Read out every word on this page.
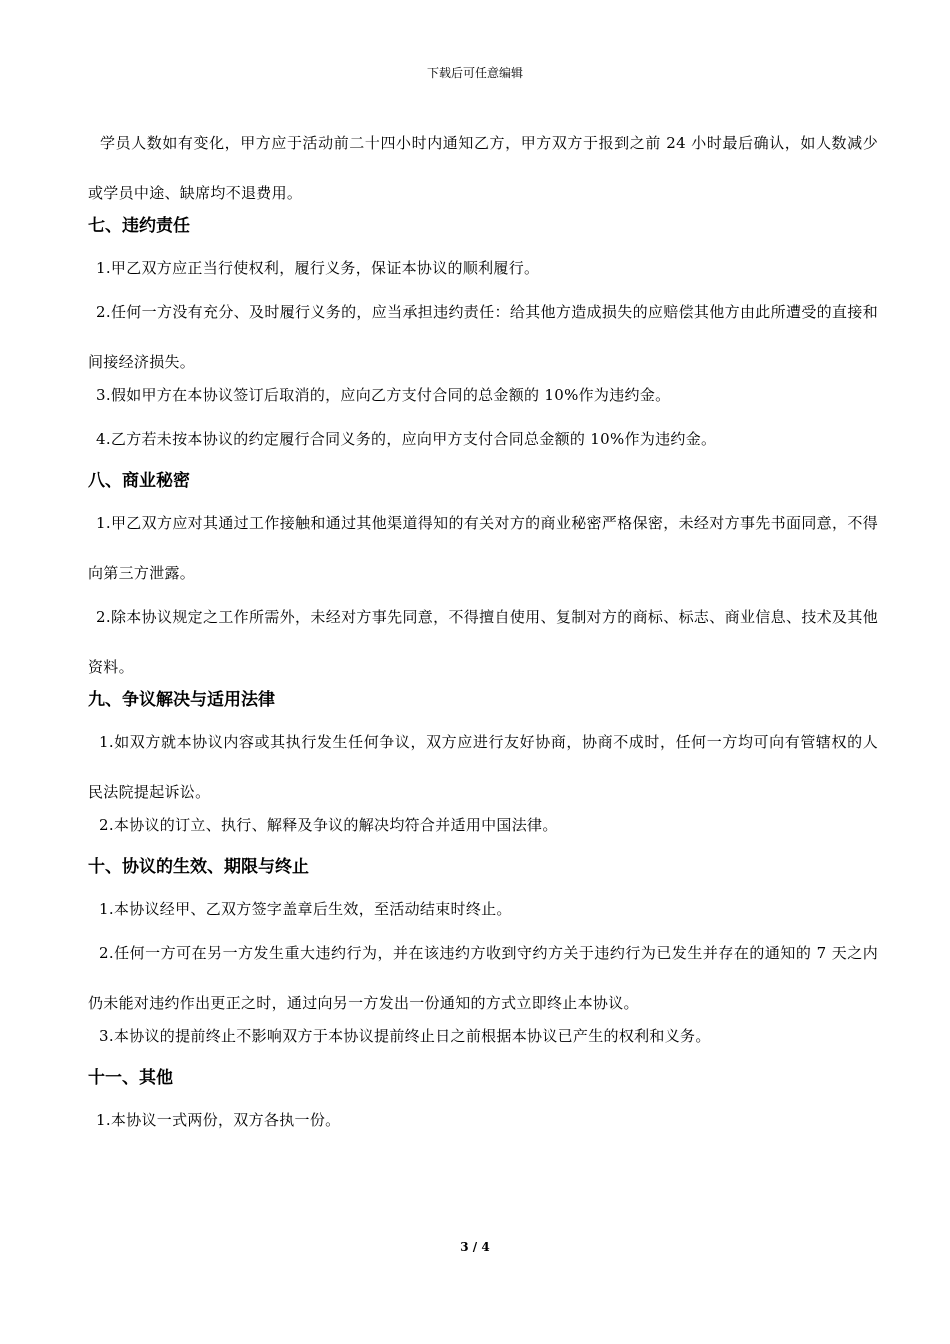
下载后可任意编辑

学员人数如有变化，甲方应于活动前二十四小时内通知乙方，甲方双方于报到之前 24 小时最后确认，如人数减少或学员中途、缺席均不退费用。

七、违约责任

1.甲乙双方应正当行使权利，履行义务，保证本协议的顺利履行。

2.任何一方没有充分、及时履行义务的，应当承担违约责任：给其他方造成损失的应赔偿其他方由此所遭受的直接和间接经济损失。

3.假如甲方在本协议签订后取消的，应向乙方支付合同的总金额的 10%作为违约金。

4.乙方若未按本协议的约定履行合同义务的，应向甲方支付合同总金额的 10%作为违约金。

八、商业秘密

1.甲乙双方应对其通过工作接触和通过其他渠道得知的有关对方的商业秘密严格保密，未经对方事先书面同意，不得向第三方泄露。

2.除本协议规定之工作所需外，未经对方事先同意，不得擅自使用、复制对方的商标、标志、商业信息、技术及其他资料。

九、争议解决与适用法律

1.如双方就本协议内容或其执行发生任何争议，双方应进行友好协商，协商不成时，任何一方均可向有管辖权的人民法院提起诉讼。

2.本协议的订立、执行、解释及争议的解决均符合并适用中国法律。

十、协议的生效、期限与终止

1.本协议经甲、乙双方签字盖章后生效，至活动结束时终止。

2.任何一方可在另一方发生重大违约行为，并在该违约方收到守约方关于违约行为已发生并存在的通知的 7 天之内仍未能对违约作出更正之时，通过向另一方发出一份通知的方式立即终止本协议。

3.本协议的提前终止不影响双方于本协议提前终止日之前根据本协议已产生的权利和义务。

十一、其他

1.本协议一式两份，双方各执一份。

3 / 4
